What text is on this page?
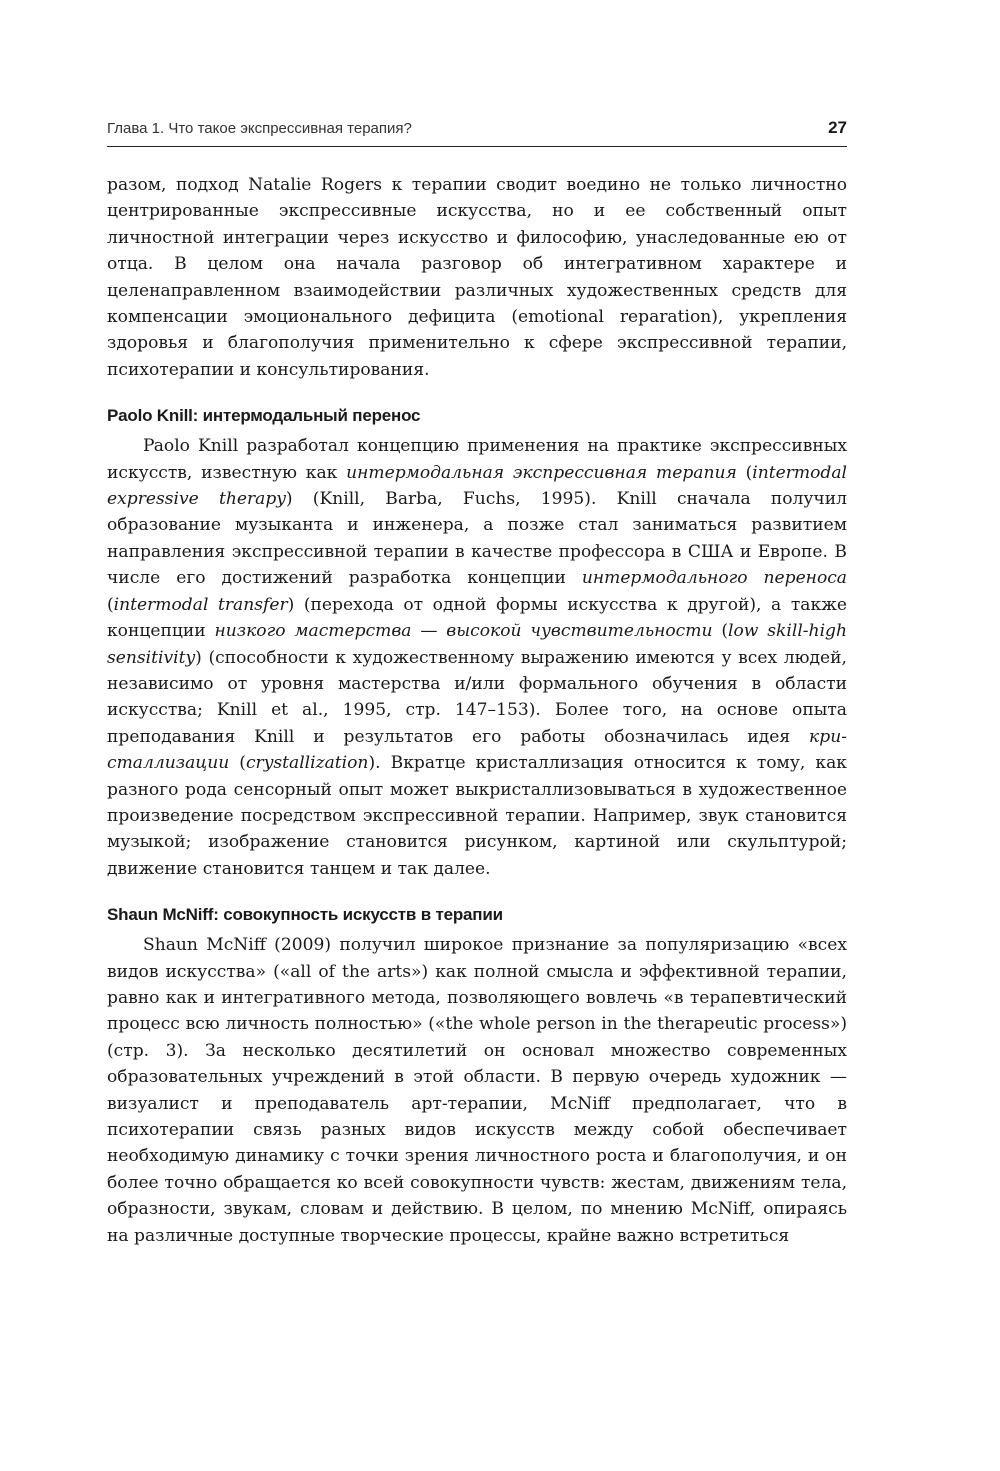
Глава 1. Что такое экспрессивная терапия?	27

разом, подход Natalie Rogers к терапии сводит воедино не только личностно центрированные экспрессивные искусства, но и ее собственный опыт личностной интеграции через искусство и философию, унаследованные ею от отца. В целом она начала разговор об интегративном характере и целенаправленном взаимодействии различных художественных средств для компенсации эмоционального дефицита (emotional reparation), укрепления здоровья и благополучия применительно к сфере экспрессивной терапии, психотерапии и консультирования.

Paolo Knill: интермодальный перенос

Paolo Knill разработал концепцию применения на практике экспрессивных искусств, известную как интермодальная экспрессивная терапия (intermodal expressive therapy) (Knill, Barba, Fuchs, 1995). Knill сначала получил образование музыканта и инженера, а позже стал заниматься развитием направления экспрессивной терапии в качестве профессора в США и Европе. В числе его достижений разработка концепции интермодального переноса (intermodal transfer) (перехода от одной формы искусства к другой), а также концепции низкого мастерства — высокой чувствительности (low skill-high sensitivity) (способности к художественному выражению имеются у всех людей, независимо от уровня мастерства и/или формального обучения в области искусства; Knill et al., 1995, стр. 147–153). Более того, на основе опыта преподавания Knill и результатов его работы обозначилась идея кристаллизации (crystallization). Вкратце кристаллизация относится к тому, как разного рода сенсорный опыт может выкристаллизовываться в художественное произведение посредством экспрессивной терапии. Например, звук становится музыкой; изображение становится рисунком, картиной или скульптурой; движение становится танцем и так далее.

Shaun McNiff: совокупность искусств в терапии

Shaun McNiff (2009) получил широкое признание за популяризацию «всех видов искусства» («all of the arts») как полной смысла и эффективной терапии, равно как и интегративного метода, позволяющего вовлечь «в терапевтический процесс всю личность полностью» («the whole person in the therapeutic process») (стр. 3). За несколько десятилетий он основал множество современных образовательных учреждений в этой области. В первую очередь художник — визуалист и преподаватель арт-терапии, McNiff предполагает, что в психотерапии связь разных видов искусств между собой обеспечивает необходимую динамику с точки зрения личностного роста и благополучия, и он более точно обращается ко всей совокупности чувств: жестам, движениям тела, образности, звукам, словам и действию. В целом, по мнению McNiff, опираясь на различные доступные творческие процессы, крайне важно встретиться
